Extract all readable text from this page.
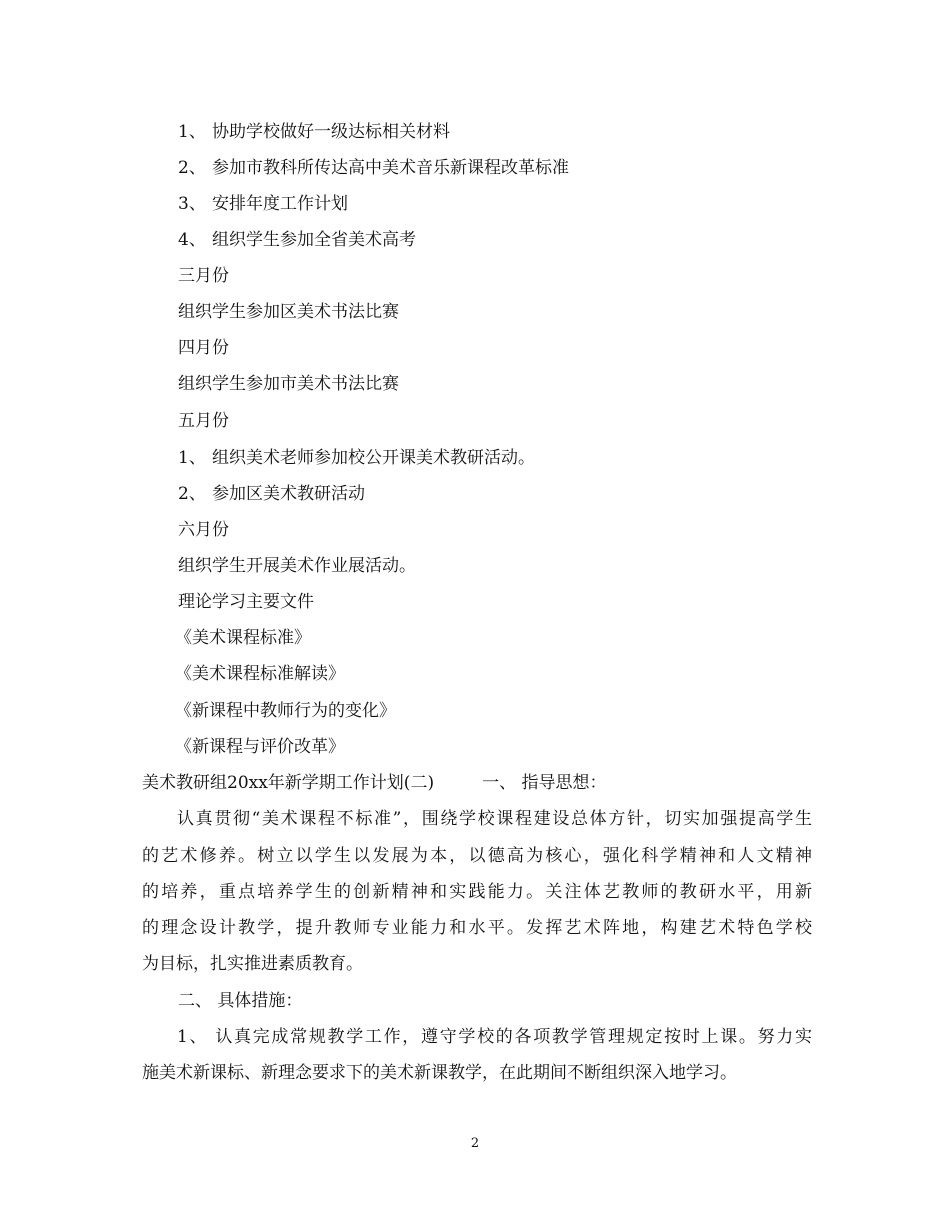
1、 协助学校做好一级达标相关材料
2、 参加市教科所传达高中美术音乐新课程改革标准
3、 安排年度工作计划
4、 组织学生参加全省美术高考
三月份
组织学生参加区美术书法比赛
四月份
组织学生参加市美术书法比赛
五月份
1、 组织美术老师参加校公开课美术教研活动。
2、 参加区美术教研活动
六月份
组织学生开展美术作业展活动。
理论学习主要文件
《美术课程标准》
《美术课程标准解读》
《新课程中教师行为的变化》
《新课程与评价改革》
美术教研组20xx年新学期工作计划(二)	一、 指导思想：
认真贯彻“美术课程不标准”，围绕学校课程建设总体方针，切实加强提高学生
的艺术修养。树立以学生以发展为本，以德高为核心，强化科学精神和人文精神
的培养，重点培养学生的创新精神和实践能力。关注体艺教师的教研水平，用新
的理念设计教学，提升教师专业能力和水平。发挥艺术阵地，构建艺术特色学校
为目标，扎实推进素质教育。
二、 具体措施：
1、 认真完成常规教学工作，遵守学校的各项教学管理规定按时上课。努力实
施美术新课标、新理念要求下的美术新课教学，在此期间不断组织深入地学习。
2
